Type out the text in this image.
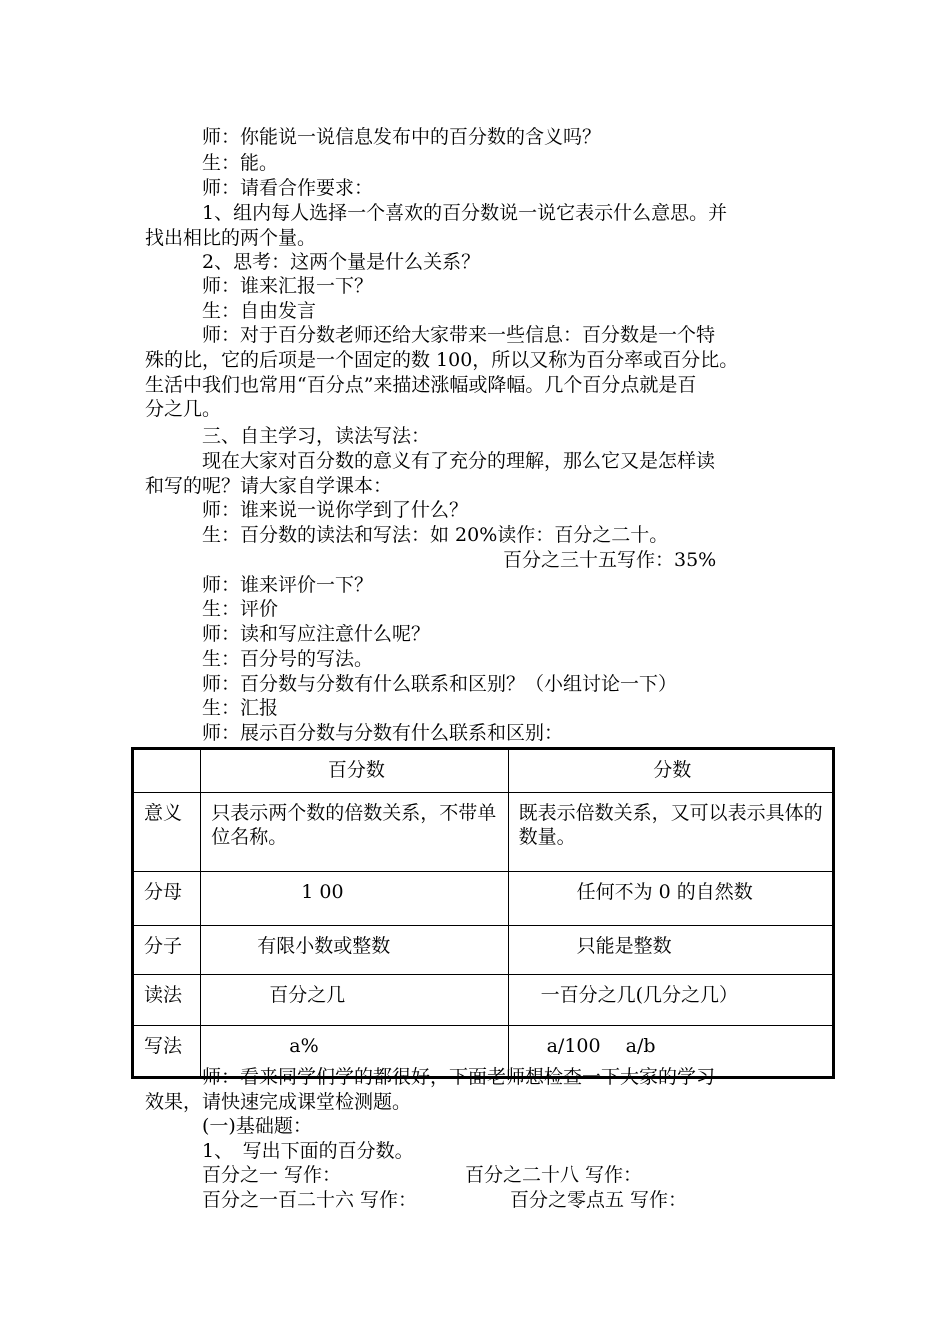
师：你能说一说信息发布中的百分数的含义吗？
生：能。
师：请看合作要求：
1、组内每人选择一个喜欢的百分数说一说它表示什么意思。并
找出相比的两个量。
2、思考：这两个量是什么关系？
师：谁来汇报一下？
生：自由发言
师：对于百分数老师还给大家带来一些信息：百分数是一个特
殊的比，它的后项是一个固定的数 100，所以又称为百分率或百分比。
生活中我们也常用“百分点”来描述涨幅或降幅。几个百分点就是百
分之几。
三、自主学习，读法写法：
现在大家对百分数的意义有了充分的理解，那么它又是怎样读
和写的呢？请大家自学课本：
师：谁来说一说你学到了什么？
生：百分数的读法和写法：如 20%读作：百分之二十。
百分之三十五写作：35%
师：谁来评价一下？
生：评价
师：读和写应注意什么呢？
生：百分号的写法。
师：百分数与分数有什么联系和区别？（小组讨论一下）
生：汇报
师：展示百分数与分数有什么联系和区别：
	百分数	分数
意义	只表示两个数的倍数关系，不带单位名称。	既表示倍数关系，又可以表示具体的数量。
分母	1 00	任何不为 0 的自然数
分子	有限小数或整数	只能是整数
读法	百分之几	一百分之几(几分之几）
写法	a%	a/100　 a/b
师：看来同学们学的都很好，下面老师想检查一下大家的学习
效果，请快速完成课堂检测题。
(一)基础题：
1、　写出下面的百分数。
百分之一 写作：	百分之二十八 写作：
百分之一百二十六 写作：	百分之零点五 写作：
